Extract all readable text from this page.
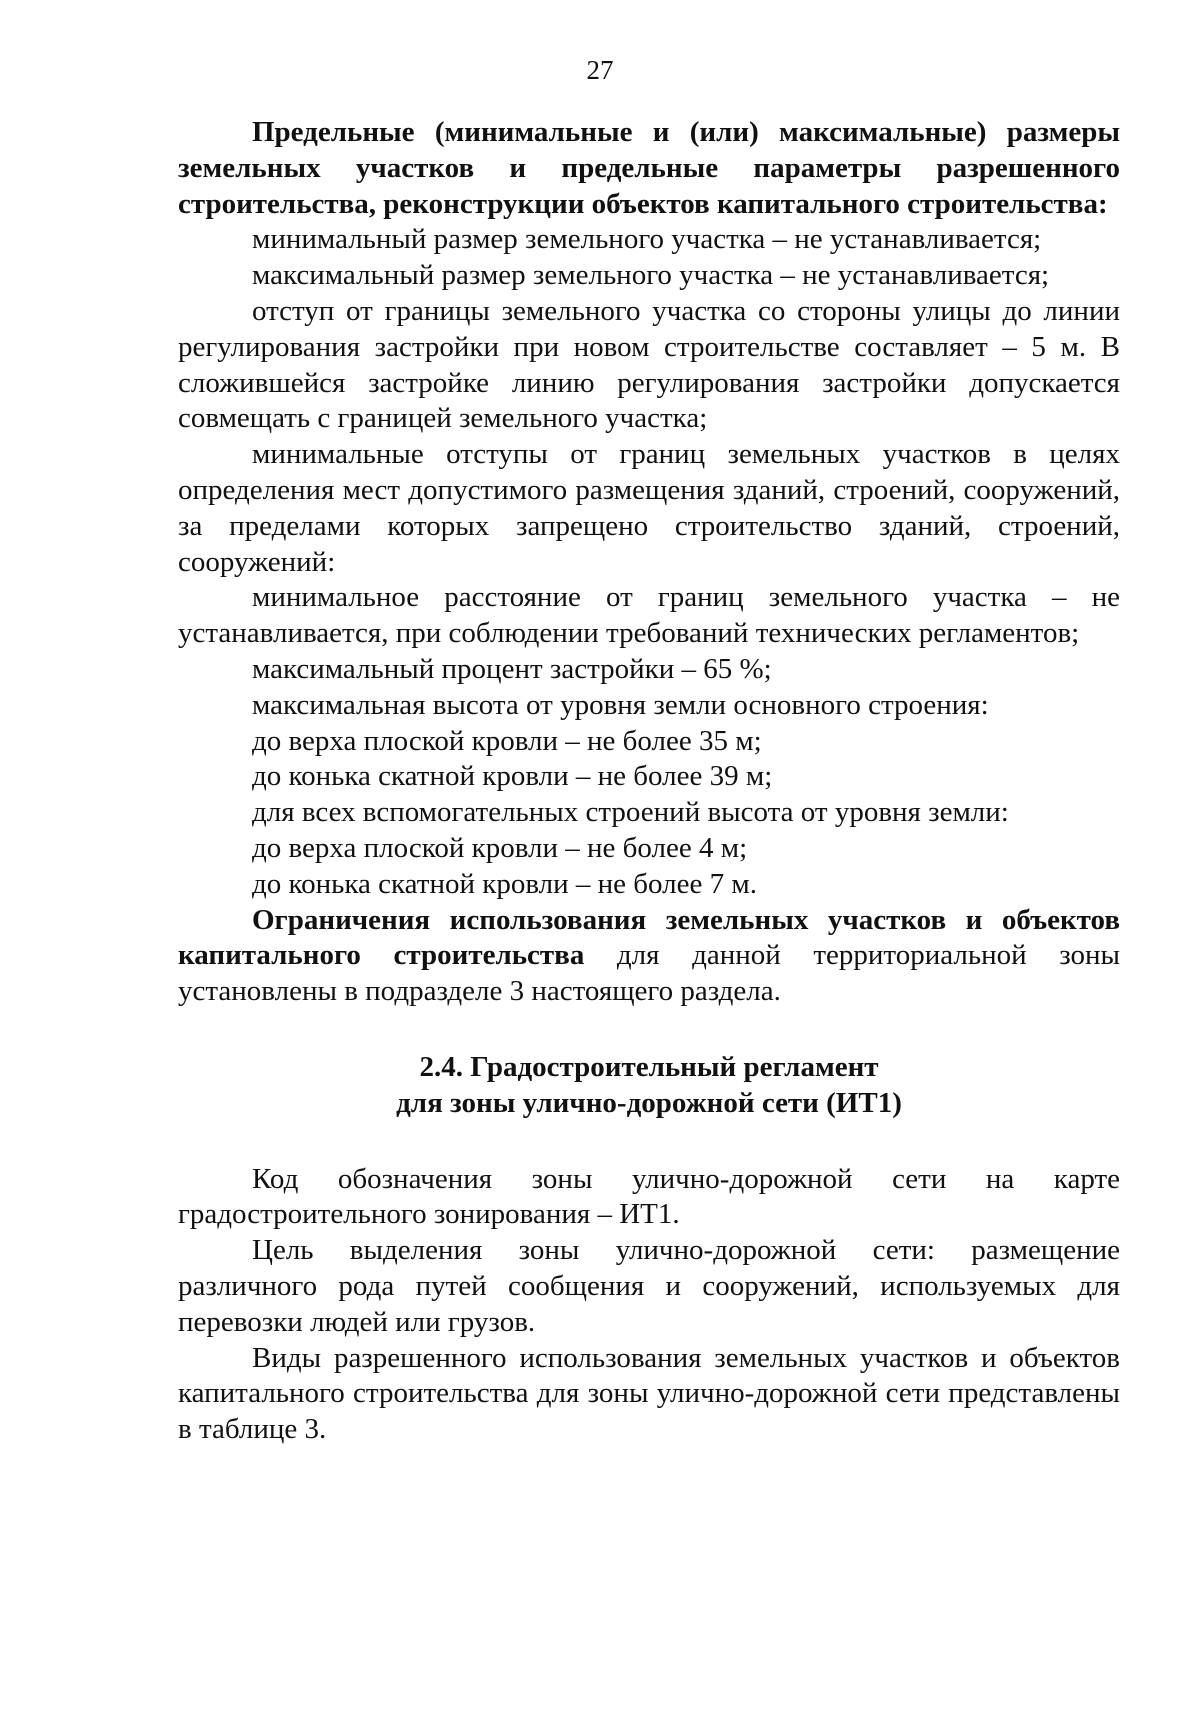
27

Предельные (минимальные и (или) максимальные) размеры земельных участков и предельные параметры разрешенного строительства, реконструкции объектов капитального строительства:

минимальный размер земельного участка – не устанавливается;

максимальный размер земельного участка – не устанавливается;

отступ от границы земельного участка со стороны улицы до линии регулирования застройки при новом строительстве составляет – 5 м. В сложившейся застройке линию регулирования застройки допускается совмещать с границей земельного участка;

минимальные отступы от границ земельных участков в целях определения мест допустимого размещения зданий, строений, сооружений, за пределами которых запрещено строительство зданий, строений, сооружений:

минимальное расстояние от границ земельного участка – не устанавливается, при соблюдении требований технических регламентов;

максимальный процент застройки – 65 %;

максимальная высота от уровня земли основного строения:

до верха плоской кровли – не более 35 м;

до конька скатной кровли – не более 39 м;

для всех вспомогательных строений высота от уровня земли:

до верха плоской кровли – не более 4 м;

до конька скатной кровли – не более 7 м.

Ограничения использования земельных участков и объектов капитального строительства для данной территориальной зоны установлены в подразделе 3 настоящего раздела.

2.4. Градостроительный регламент
для зоны улично-дорожной сети (ИТ1)

Код обозначения зоны улично-дорожной сети на карте градостроительного зонирования – ИТ1.

Цель выделения зоны улично-дорожной сети: размещение различного рода путей сообщения и сооружений, используемых для перевозки людей или грузов.

Виды разрешенного использования земельных участков и объектов капитального строительства для зоны улично-дорожной сети представлены в таблице 3.
